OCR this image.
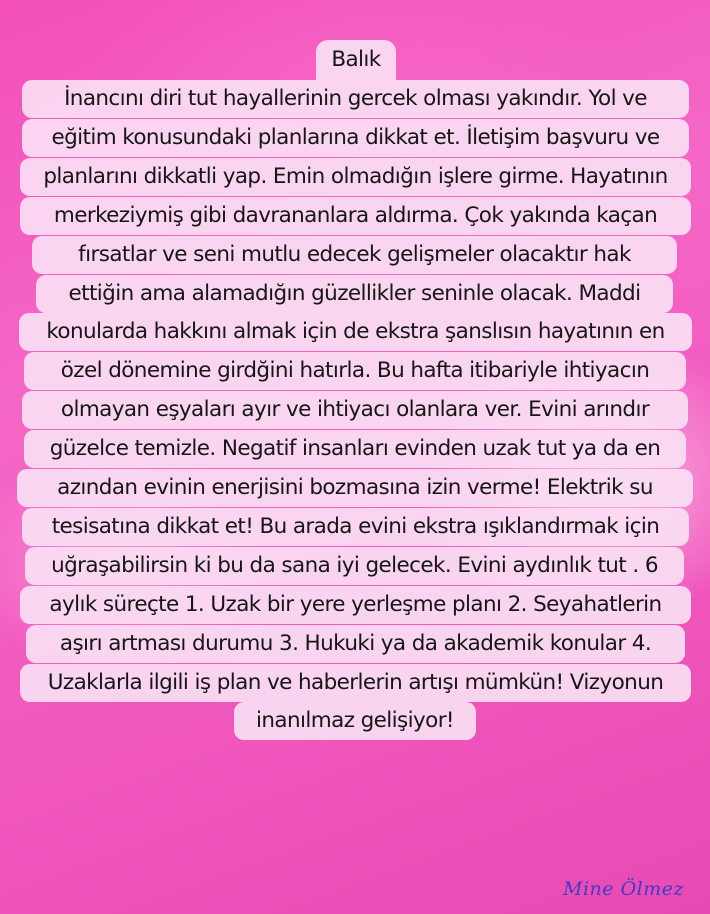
Balık
İnancını diri tut hayallerinin gercek olması yakındır. Yol ve
eğitim konusundaki planlarına dikkat et. İletişim başvuru ve
planlarını dikkatli yap. Emin olmadığın işlere girme. Hayatının
merkeziymiş gibi davrananlara aldırma. Çok yakında kaçan
fırsatlar ve seni mutlu edecek gelişmeler olacaktır hak
ettiğin ama alamadığın güzellikler seninle olacak. Maddi
konularda hakkını almak için de ekstra şanslısın hayatının en
özel dönemine girdğini hatırla. Bu hafta itibariyle ihtiyacın
olmayan eşyaları ayır ve ihtiyacı olanlara ver. Evini arındır
güzelce temizle. Negatif insanları evinden uzak tut ya da en
azından evinin enerjisini bozmasına izin verme! Elektrik su
tesisatına dikkat et! Bu arada evini ekstra ışıklandırmak için
uğraşabilirsin ki bu da sana iyi gelecek. Evini aydınlık tut . 6
aylık süreçte 1. Uzak bir yere yerleşme planı 2. Seyahatlerin
aşırı artması durumu 3. Hukuki ya da akademik konular 4.
Uzaklarla ilgili iş plan ve haberlerin artışı mümkün! Vizyonun
inanılmaz gelişiyor!
Mine Ölmez
